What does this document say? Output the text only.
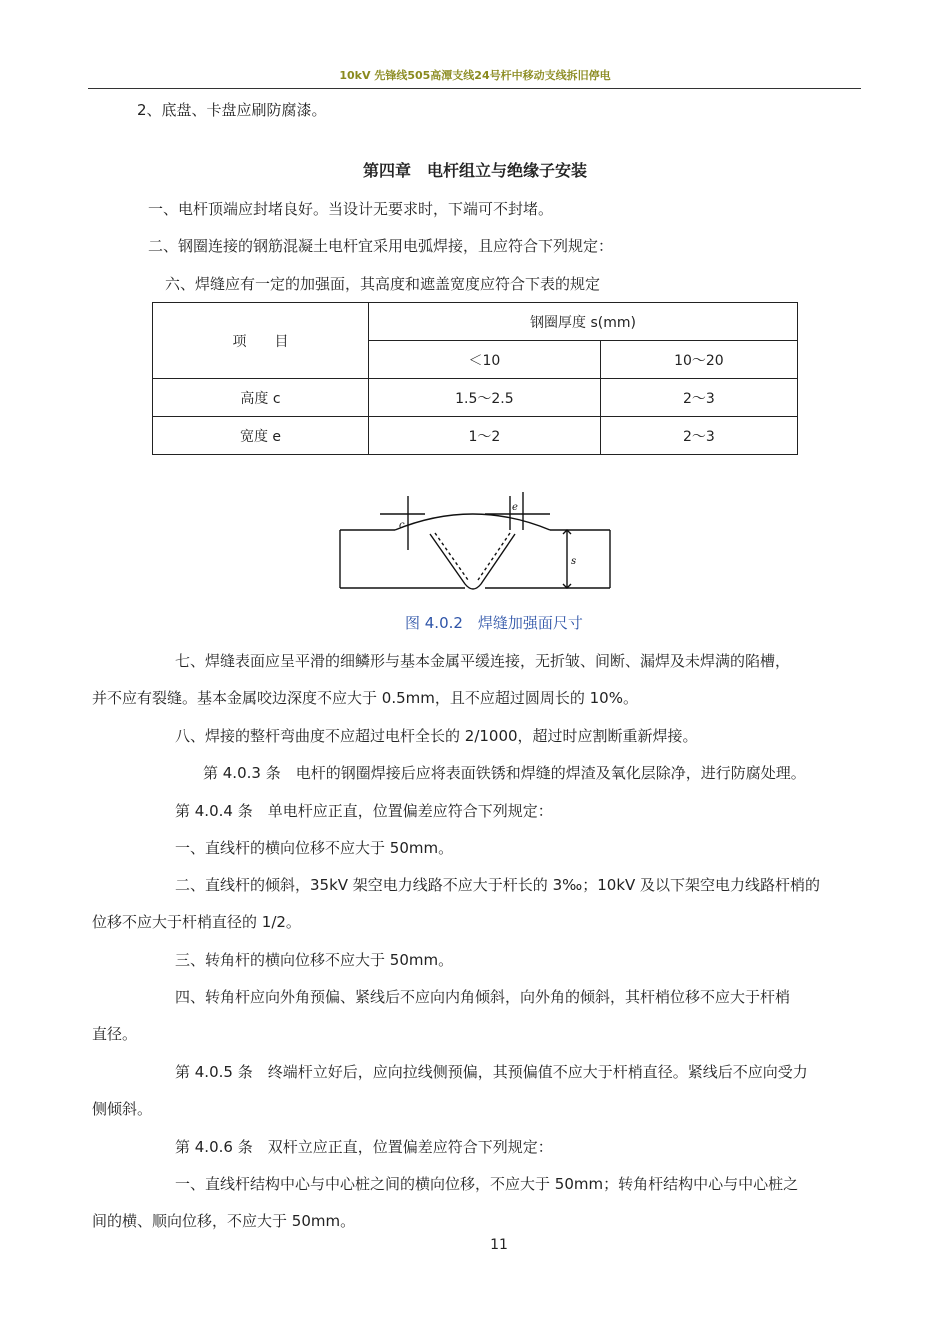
10kV 先锋线505高潭支线24号杆中移动支线拆旧停电
2、底盘、卡盘应刷防腐漆。
第四章　电杆组立与绝缘子安装
一、电杆顶端应封堵良好。当设计无要求时，下端可不封堵。
二、钢圈连接的钢筋混凝土电杆宜采用电弧焊接，且应符合下列规定：
六、焊缝应有一定的加强面，其高度和遮盖宽度应符合下表的规定
项　　目	钢圈厚度 s(mm)	
	＜10	10～20
高度 c	1.5～2.5	2～3
宽度 e	1～2	2～3
c
e
s
图 4.0.2　焊缝加强面尺寸
七、焊缝表面应呈平滑的细鳞形与基本金属平缓连接，无折皱、间断、漏焊及未焊满的陷槽，
并不应有裂缝。基本金属咬边深度不应大于 0.5mm，且不应超过圆周长的 10%。
八、焊接的整杆弯曲度不应超过电杆全长的 2/1000，超过时应割断重新焊接。
第 4.0.3 条　电杆的钢圈焊接后应将表面铁锈和焊缝的焊渣及氧化层除净，进行防腐处理。
第 4.0.4 条　单电杆应正直，位置偏差应符合下列规定：
一、直线杆的横向位移不应大于 50mm。
二、直线杆的倾斜，35kV 架空电力线路不应大于杆长的 3‰；10kV 及以下架空电力线路杆梢的
位移不应大于杆梢直径的 1/2。
三、转角杆的横向位移不应大于 50mm。
四、转角杆应向外角预偏、紧线后不应向内角倾斜，向外角的倾斜，其杆梢位移不应大于杆梢
直径。
第 4.0.5 条　终端杆立好后，应向拉线侧预偏，其预偏值不应大于杆梢直径。紧线后不应向受力
侧倾斜。
第 4.0.6 条　双杆立应正直，位置偏差应符合下列规定：
一、直线杆结构中心与中心桩之间的横向位移，不应大于 50mm；转角杆结构中心与中心桩之
间的横、顺向位移，不应大于 50mm。
11
